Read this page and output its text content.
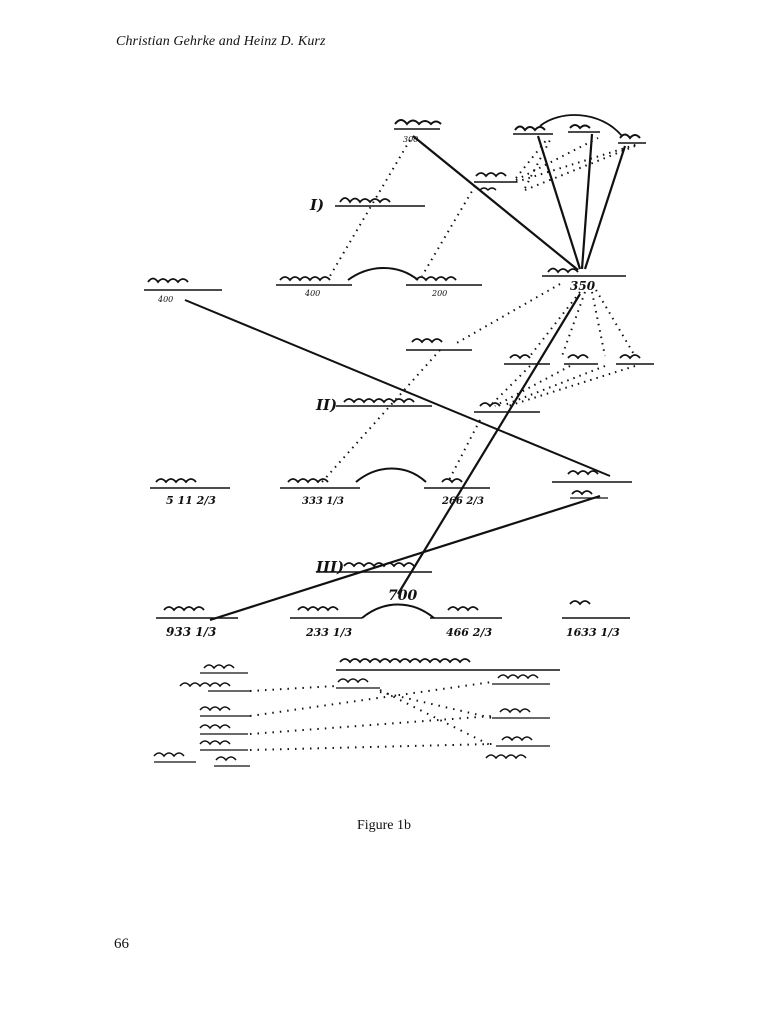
Christian Gehrke and Heinz D. Kurz
300
I)
350
400
400	200
II)
5 11 2/3	333 1/3	266 2/3
III)
700
933 1/3	233 1/3	466 2/3	1633 1/3
Figure 1b
66
